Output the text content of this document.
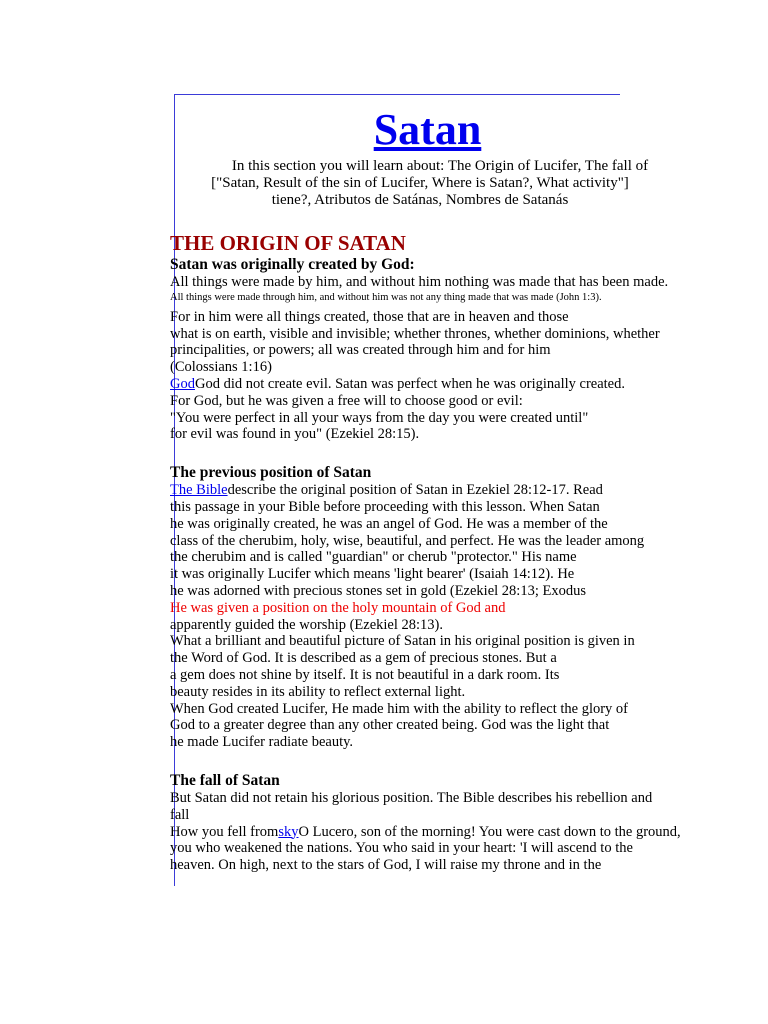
Satan
In this section you will learn about: The Origin of Lucifer, The fall of
["Satan, Result of the sin of Lucifer, Where is Satan?, What activity"]
tiene?, Atributos de Satánas, Nombres de Satanás
THE ORIGIN OF SATAN
Satan was originally created by God:
All things were made by him, and without him nothing was made that has been made.
All things were made through him, and without him was not any thing made that was made (John 1:3).
For in him were all things created, those that are in heaven and those
what is on earth, visible and invisible; whether thrones, whether dominions, whether
principalities, or powers; all was created through him and for him
(Colossians 1:16)
GodGod did not create evil. Satan was perfect when he was originally created.
For God, but he was given a free will to choose good or evil:
"You were perfect in all your ways from the day you were created until"
for evil was found in you" (Ezekiel 28:15).
The previous position of Satan
The Bibledescribe the original position of Satan in Ezekiel 28:12-17. Read
this passage in your Bible before proceeding with this lesson. When Satan
he was originally created, he was an angel of God. He was a member of the
class of the cherubim, holy, wise, beautiful, and perfect. He was the leader among
the cherubim and is called "guardian" or cherub "protector." His name
it was originally Lucifer which means 'light bearer' (Isaiah 14:12). He
he was adorned with precious stones set in gold (Ezekiel 28:13; Exodus
He was given a position on the holy mountain of God and
apparently guided the worship (Ezekiel 28:13).
What a brilliant and beautiful picture of Satan in his original position is given in
the Word of God. It is described as a gem of precious stones. But a
a gem does not shine by itself. It is not beautiful in a dark room. Its
beauty resides in its ability to reflect external light.
When God created Lucifer, He made him with the ability to reflect the glory of
God to a greater degree than any other created being. God was the light that
he made Lucifer radiate beauty.
The fall of Satan
But Satan did not retain his glorious position. The Bible describes his rebellion and
fall
How you fell fromskyO Lucero, son of the morning! You were cast down to the ground,
you who weakened the nations. You who said in your heart: 'I will ascend to the
heaven. On high, next to the stars of God, I will raise my throne and in the
